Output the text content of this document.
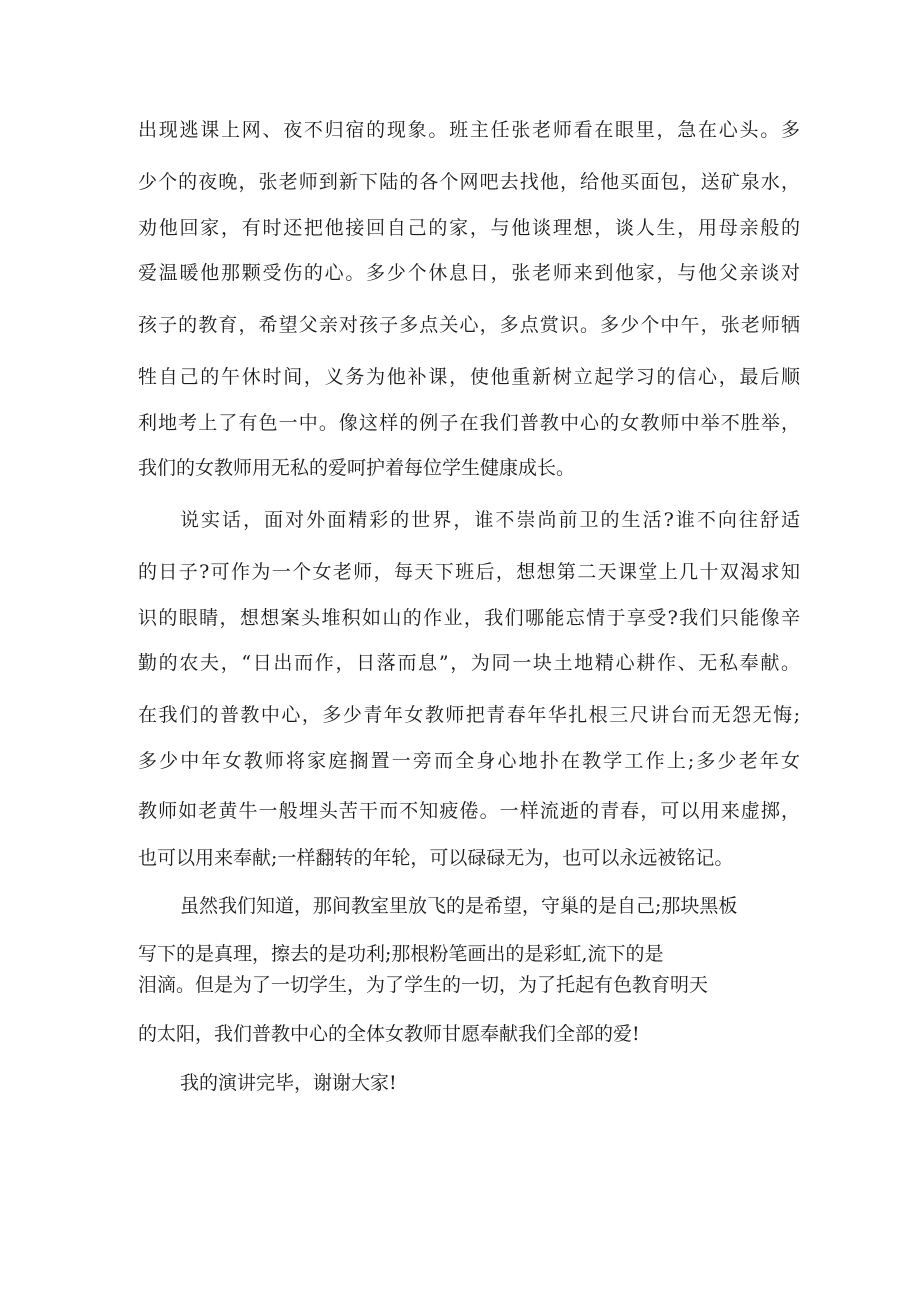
出现逃课上网、夜不归宿的现象。班主任张老师看在眼里，急在心头。多
少个的夜晚，张老师到新下陆的各个网吧去找他，给他买面包，送矿泉水，
劝他回家，有时还把他接回自己的家，与他谈理想，谈人生，用母亲般的
爱温暖他那颗受伤的心。多少个休息日，张老师来到他家，与他父亲谈对
孩子的教育，希望父亲对孩子多点关心，多点赏识。多少个中午，张老师牺
牲自己的午休时间，义务为他补课，使他重新树立起学习的信心，最后顺
利地考上了有色一中。像这样的例子在我们普教中心的女教师中举不胜举，
我们的女教师用无私的爱呵护着每位学生健康成长。
说实话，面对外面精彩的世界，谁不崇尚前卫的生活?谁不向往舒适
的日子?可作为一个女老师，每天下班后，想想第二天课堂上几十双渴求知
识的眼睛，想想案头堆积如山的作业，我们哪能忘情于享受?我们只能像辛
勤的农夫，“日出而作，日落而息”，为同一块土地精心耕作、无私奉献。
在我们的普教中心，多少青年女教师把青春年华扎根三尺讲台而无怨无悔;
多少中年女教师将家庭搁置一旁而全身心地扑在教学工作上;多少老年女
教师如老黄牛一般埋头苦干而不知疲倦。一样流逝的青春，可以用来虚掷，
也可以用来奉献;一样翻转的年轮，可以碌碌无为，也可以永远被铭记。
虽然我们知道，那间教室里放飞的是希望，守巢的是自己;那块黑板
写下的是真理，擦去的是功利;那根粉笔画出的是彩虹,流下的是
泪滴。但是为了一切学生，为了学生的一切，为了托起有色教育明天
的太阳，我们普教中心的全体女教师甘愿奉献我们全部的爱!
我的演讲完毕，谢谢大家!
